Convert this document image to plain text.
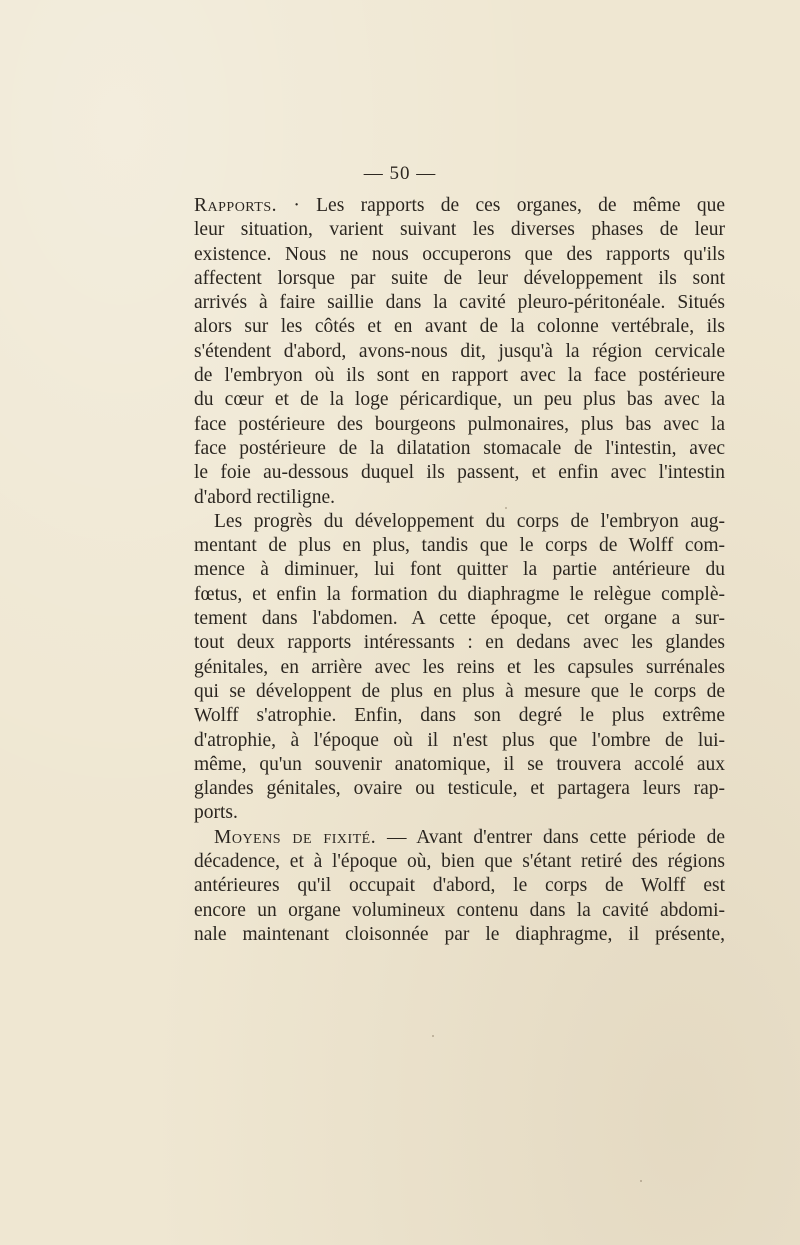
— 50 —

Rapports. · Les rapports de ces organes, de même que
leur situation, varient suivant les diverses phases de leur
existence. Nous ne nous occuperons que des rapports qu'ils
affectent lorsque par suite de leur développement ils sont
arrivés à faire saillie dans la cavité pleuro-péritonéale. Situés
alors sur les côtés et en avant de la colonne vertébrale, ils
s'étendent d'abord, avons-nous dit, jusqu'à la région cervicale
de l'embryon où ils sont en rapport avec la face postérieure
du cœur et de la loge péricardique, un peu plus bas avec la
face postérieure des bourgeons pulmonaires, plus bas avec la
face postérieure de la dilatation stomacale de l'intestin, avec
le foie au-dessous duquel ils passent, et enfin avec l'intestin
d'abord rectiligne.

Les progrès du développement du corps de l'embryon aug-
mentant de plus en plus, tandis que le corps de Wolff com-
mence à diminuer, lui font quitter la partie antérieure du
fœtus, et enfin la formation du diaphragme le relègue complè-
tement dans l'abdomen. A cette époque, cet organe a sur-
tout deux rapports intéressants : en dedans avec les glandes
génitales, en arrière avec les reins et les capsules surrénales
qui se développent de plus en plus à mesure que le corps de
Wolff s'atrophie. Enfin, dans son degré le plus extrême
d'atrophie, à l'époque où il n'est plus que l'ombre de lui-
même, qu'un souvenir anatomique, il se trouvera accolé aux
glandes génitales, ovaire ou testicule, et partagera leurs rap-
ports.

Moyens de fixité. — Avant d'entrer dans cette période de
décadence, et à l'époque où, bien que s'étant retiré des régions
antérieures qu'il occupait d'abord, le corps de Wolff est
encore un organe volumineux contenu dans la cavité abdomi-
nale maintenant cloisonnée par le diaphragme, il présente,
